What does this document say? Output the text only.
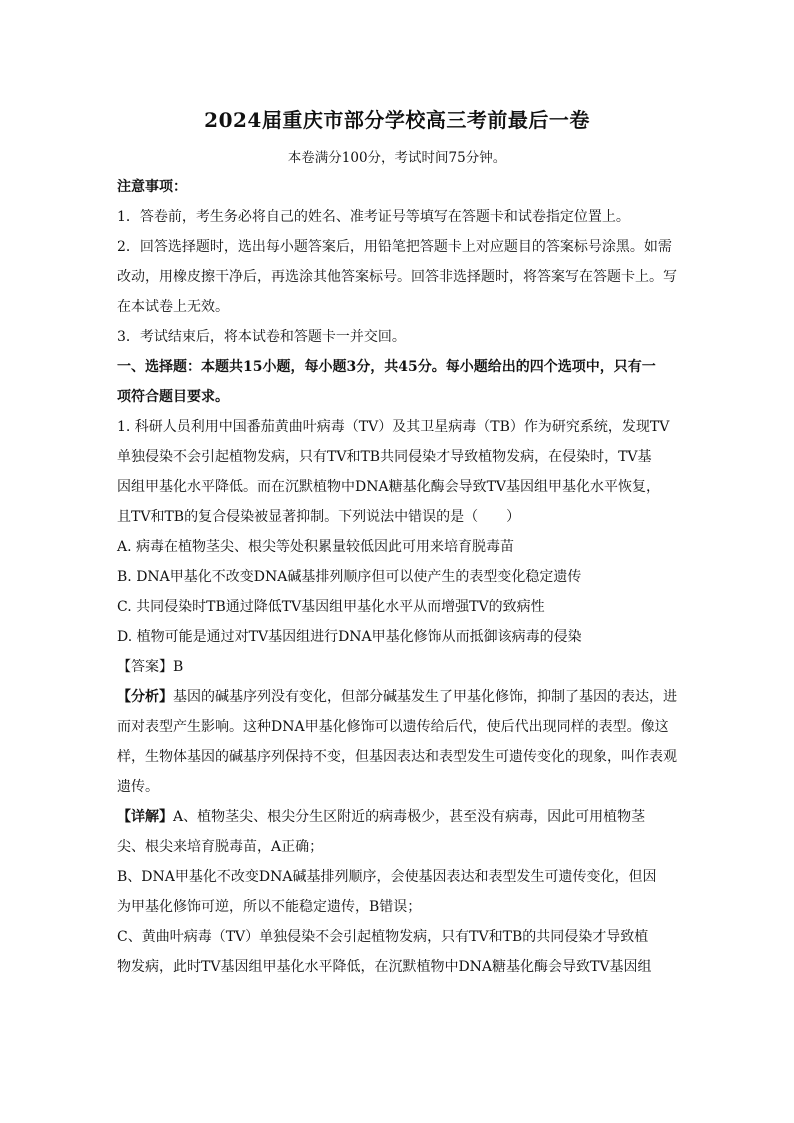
2024届重庆市部分学校高三考前最后一卷
本卷满分100分，考试时间75分钟。

注意事项：

1．答卷前，考生务必将自己的姓名、准考证号等填写在答题卡和试卷指定位置上。

2．回答选择题时，选出每小题答案后，用铅笔把答题卡上对应题目的答案标号涂黑。如需

改动，用橡皮擦干净后，再选涂其他答案标号。回答非选择题时，将答案写在答题卡上。写

在本试卷上无效。

3．考试结束后，将本试卷和答题卡一并交回。

一、选择题：本题共15小题，每小题3分，共45分。每小题给出的四个选项中，只有一

项符合题目要求。

1. 科研人员利用中国番茄黄曲叶病毒（TV）及其卫星病毒（TB）作为研究系统，发现TV

单独侵染不会引起植物发病，只有TV和TB共同侵染才导致植物发病，在侵染时，TV基

因组甲基化水平降低。而在沉默植物中DNA糖基化酶会导致TV基因组甲基化水平恢复，

且TV和TB的复合侵染被显著抑制。下列说法中错误的是（　　）

A. 病毒在植物茎尖、根尖等处积累量较低因此可用来培育脱毒苗

B. DNA甲基化不改变DNA碱基排列顺序但可以使产生的表型变化稳定遗传

C. 共同侵染时TB通过降低TV基因组甲基化水平从而增强TV的致病性

D. 植物可能是通过对TV基因组进行DNA甲基化修饰从而抵御该病毒的侵染

【答案】B

【分析】基因的碱基序列没有变化，但部分碱基发生了甲基化修饰，抑制了基因的表达，进

而对表型产生影响。这种DNA甲基化修饰可以遗传给后代，使后代出现同样的表型。像这

样，生物体基因的碱基序列保持不变，但基因表达和表型发生可遗传变化的现象，叫作表观

遗传。

【详解】A、植物茎尖、根尖分生区附近的病毒极少，甚至没有病毒，因此可用植物茎

尖、根尖来培育脱毒苗，A正确；

B、DNA甲基化不改变DNA碱基排列顺序，会使基因表达和表型发生可遗传变化，但因

为甲基化修饰可逆，所以不能稳定遗传，B错误；

C、黄曲叶病毒（TV）单独侵染不会引起植物发病，只有TV和TB的共同侵染才导致植

物发病，此时TV基因组甲基化水平降低，在沉默植物中DNA糖基化酶会导致TV基因组
